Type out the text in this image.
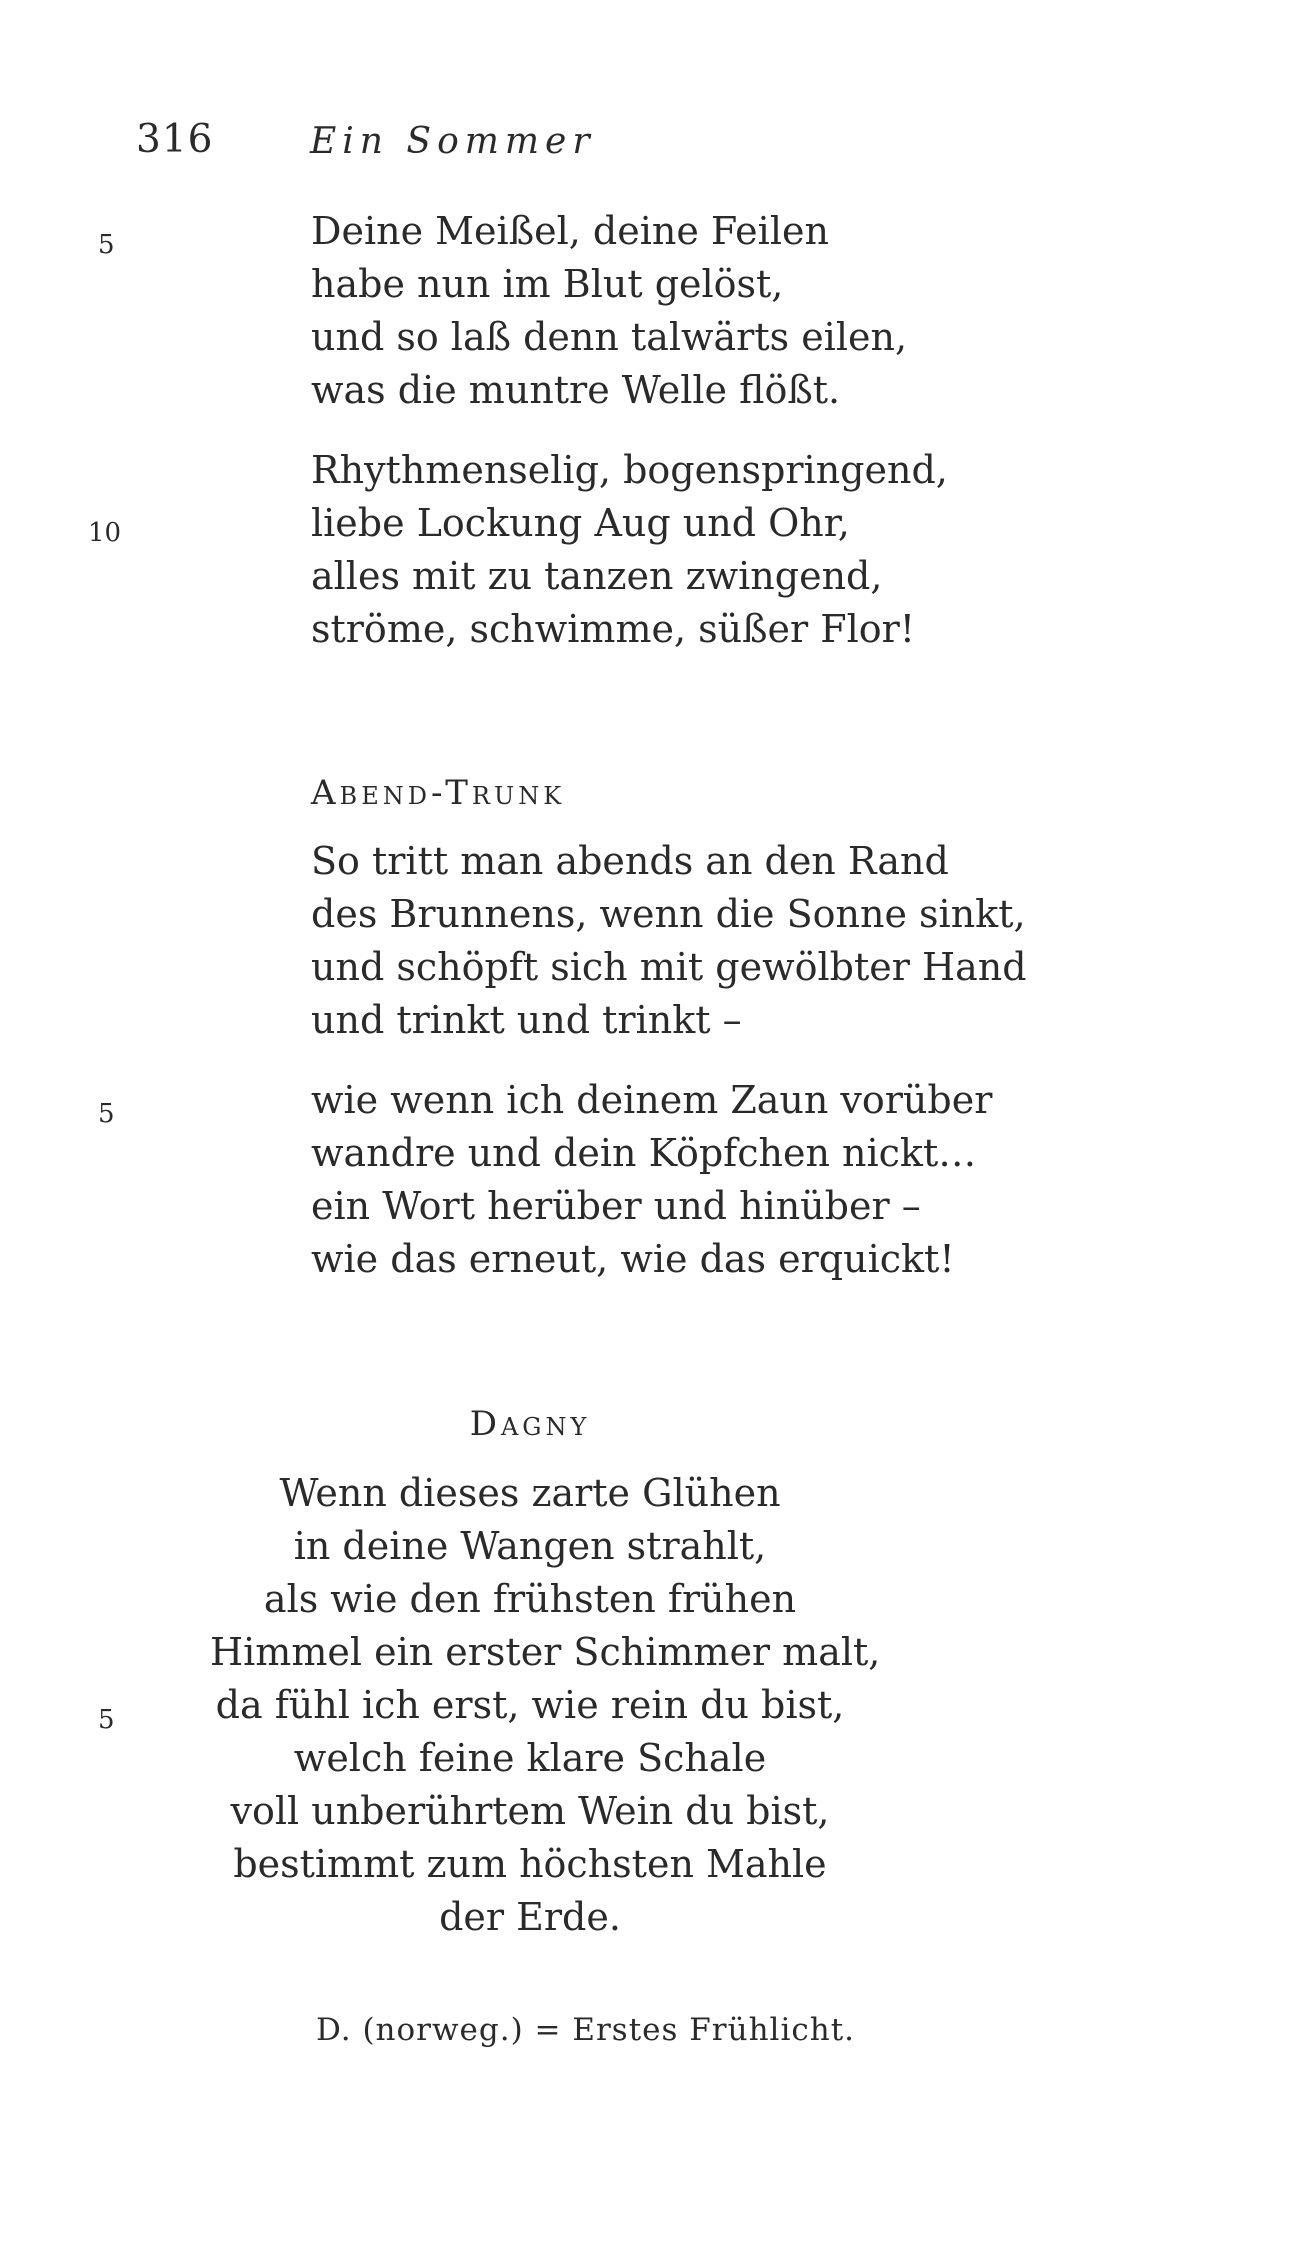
316	Ein Sommer
5	Deine Meißel, deine Feilen
habe nun im Blut gelöst,
und so laß denn talwärts eilen,
was die muntre Welle flößt.
10
Rhythmenselig, bogenspringend,
liebe Lockung Aug und Ohr,
alles mit zu tanzen zwingend,
ströme, schwimme, süßer Flor!
Abend-Trunk
So tritt man abends an den Rand
des Brunnens, wenn die Sonne sinkt,
und schöpft sich mit gewölbter Hand
und trinkt und trinkt –
5	wie wenn ich deinem Zaun vorüber
wandre und dein Köpfchen nickt…
ein Wort herüber und hinüber –
wie das erneut, wie das erquickt!
Dagny
Wenn dieses zarte Glühen
in deine Wangen strahlt,
als wie den frühsten frühen
Himmel ein erster Schimmer malt,
da fühl ich erst, wie rein du bist,
welch feine klare Schale
voll unberührtem Wein du bist,
bestimmt zum höchsten Mahle
der Erde.
5
D. (norweg.) = Erstes Frühlicht.
